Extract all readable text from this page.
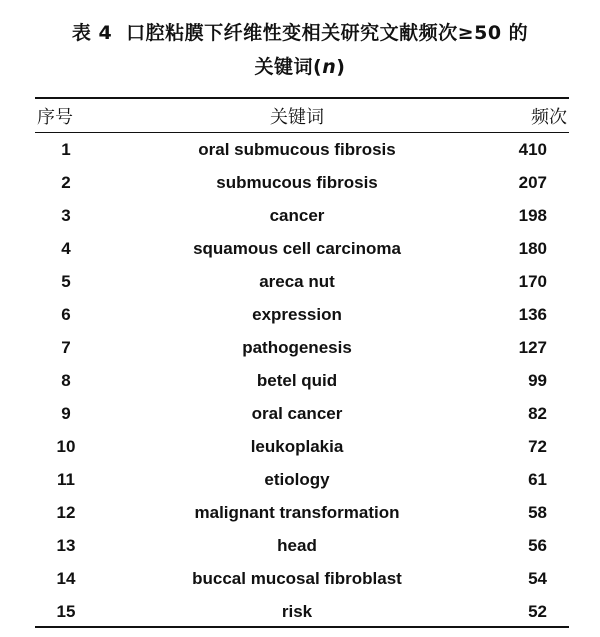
表 4 口腔粘膜下纤维性变相关研究文献频次≥50 的
关键词(n)
序号	关键词	频次
1	oral submucous fibrosis	410
2	submucous fibrosis	207
3	cancer	198
4	squamous cell carcinoma	180
5	areca nut	170
6	expression	136
7	pathogenesis	127
8	betel quid	99
9	oral cancer	82
10	leukoplakia	72
11	etiology	61
12	malignant transformation	58
13	head	56
14	buccal mucosal fibroblast	54
15	risk	52
